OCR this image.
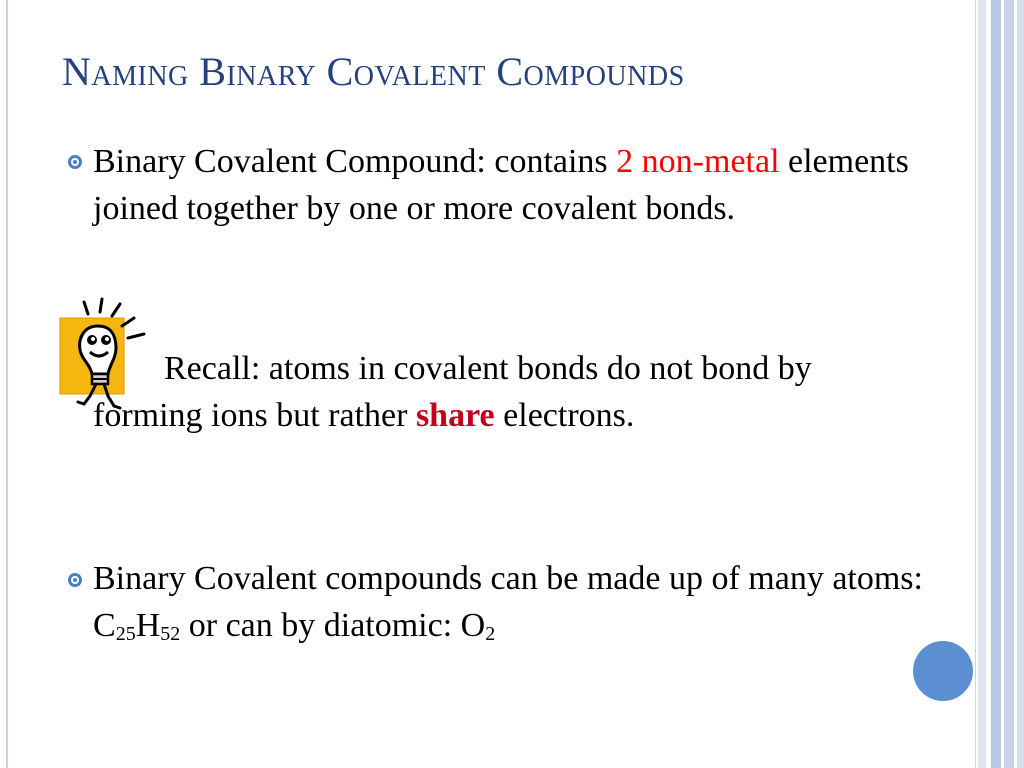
Naming Binary Covalent Compounds

Binary Covalent Compound: contains 2 non-metal elements joined together by one or more covalent bonds.

Recall: atoms in covalent bonds do not bond by forming ions but rather share electrons.

Binary Covalent compounds can be made up of many atoms: $C_{25}H_{52}$ or can by diatomic: $O_2$
